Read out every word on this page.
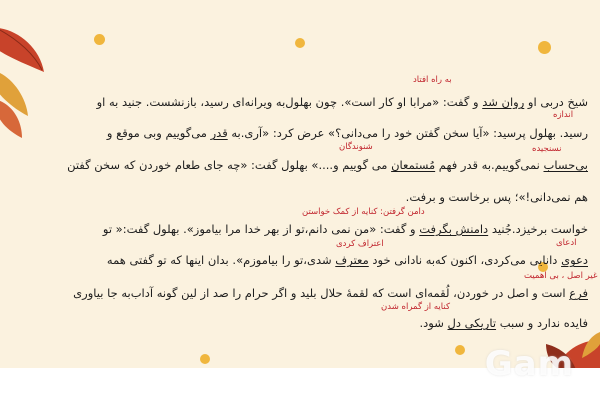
Gam
به راه افتاد
اندازه
نسنجیده
شنوندگان
دامن گرفتن: کنایه از کمک خواستن
ادعای
اعتراف کردی
غیر اصل ، بی اهمیت
کنایه از گمراه شدن
شیخ دربی او روان شد و گفت: «مرابا او کار است». چون بهلول‌به ویرانه‌ای رسید، بازنشست. جنید به او
رسید. بهلول پرسید: «آیا سخن گفتن خود را می‌دانی؟» عرض کرد: «آری.به قدر می‌گوییم وبی موقع و
بی‌حساب نمی‌گوییم.به قدر فهم مُستمعان می گوییم و....» بهلول گفت: «چه جای طعام خوردن که سخن گفتن
هم نمی‌دانی!»؛ پس برخاست و برفت.
خواست برخیزد.جُنید دامنش بگرفت و گفت: «من نمی دانم،تو از بهر خدا مرا بیاموز». بهلول گفت:« تو
دعوی دانایی می‌کردی، اکنون که‌به نادانی خود معترف شدی،تو را بیاموزم». بدان اینها که تو گفتی همه
فرع است و اصل در خوردن، لُقمه‌ای است که لقمهٔ حلال بلید و اگر حرام را صد از لین گونه آداب‌به جا بیاوری
فایده ندارد و سبب تاریکی دل شود.
